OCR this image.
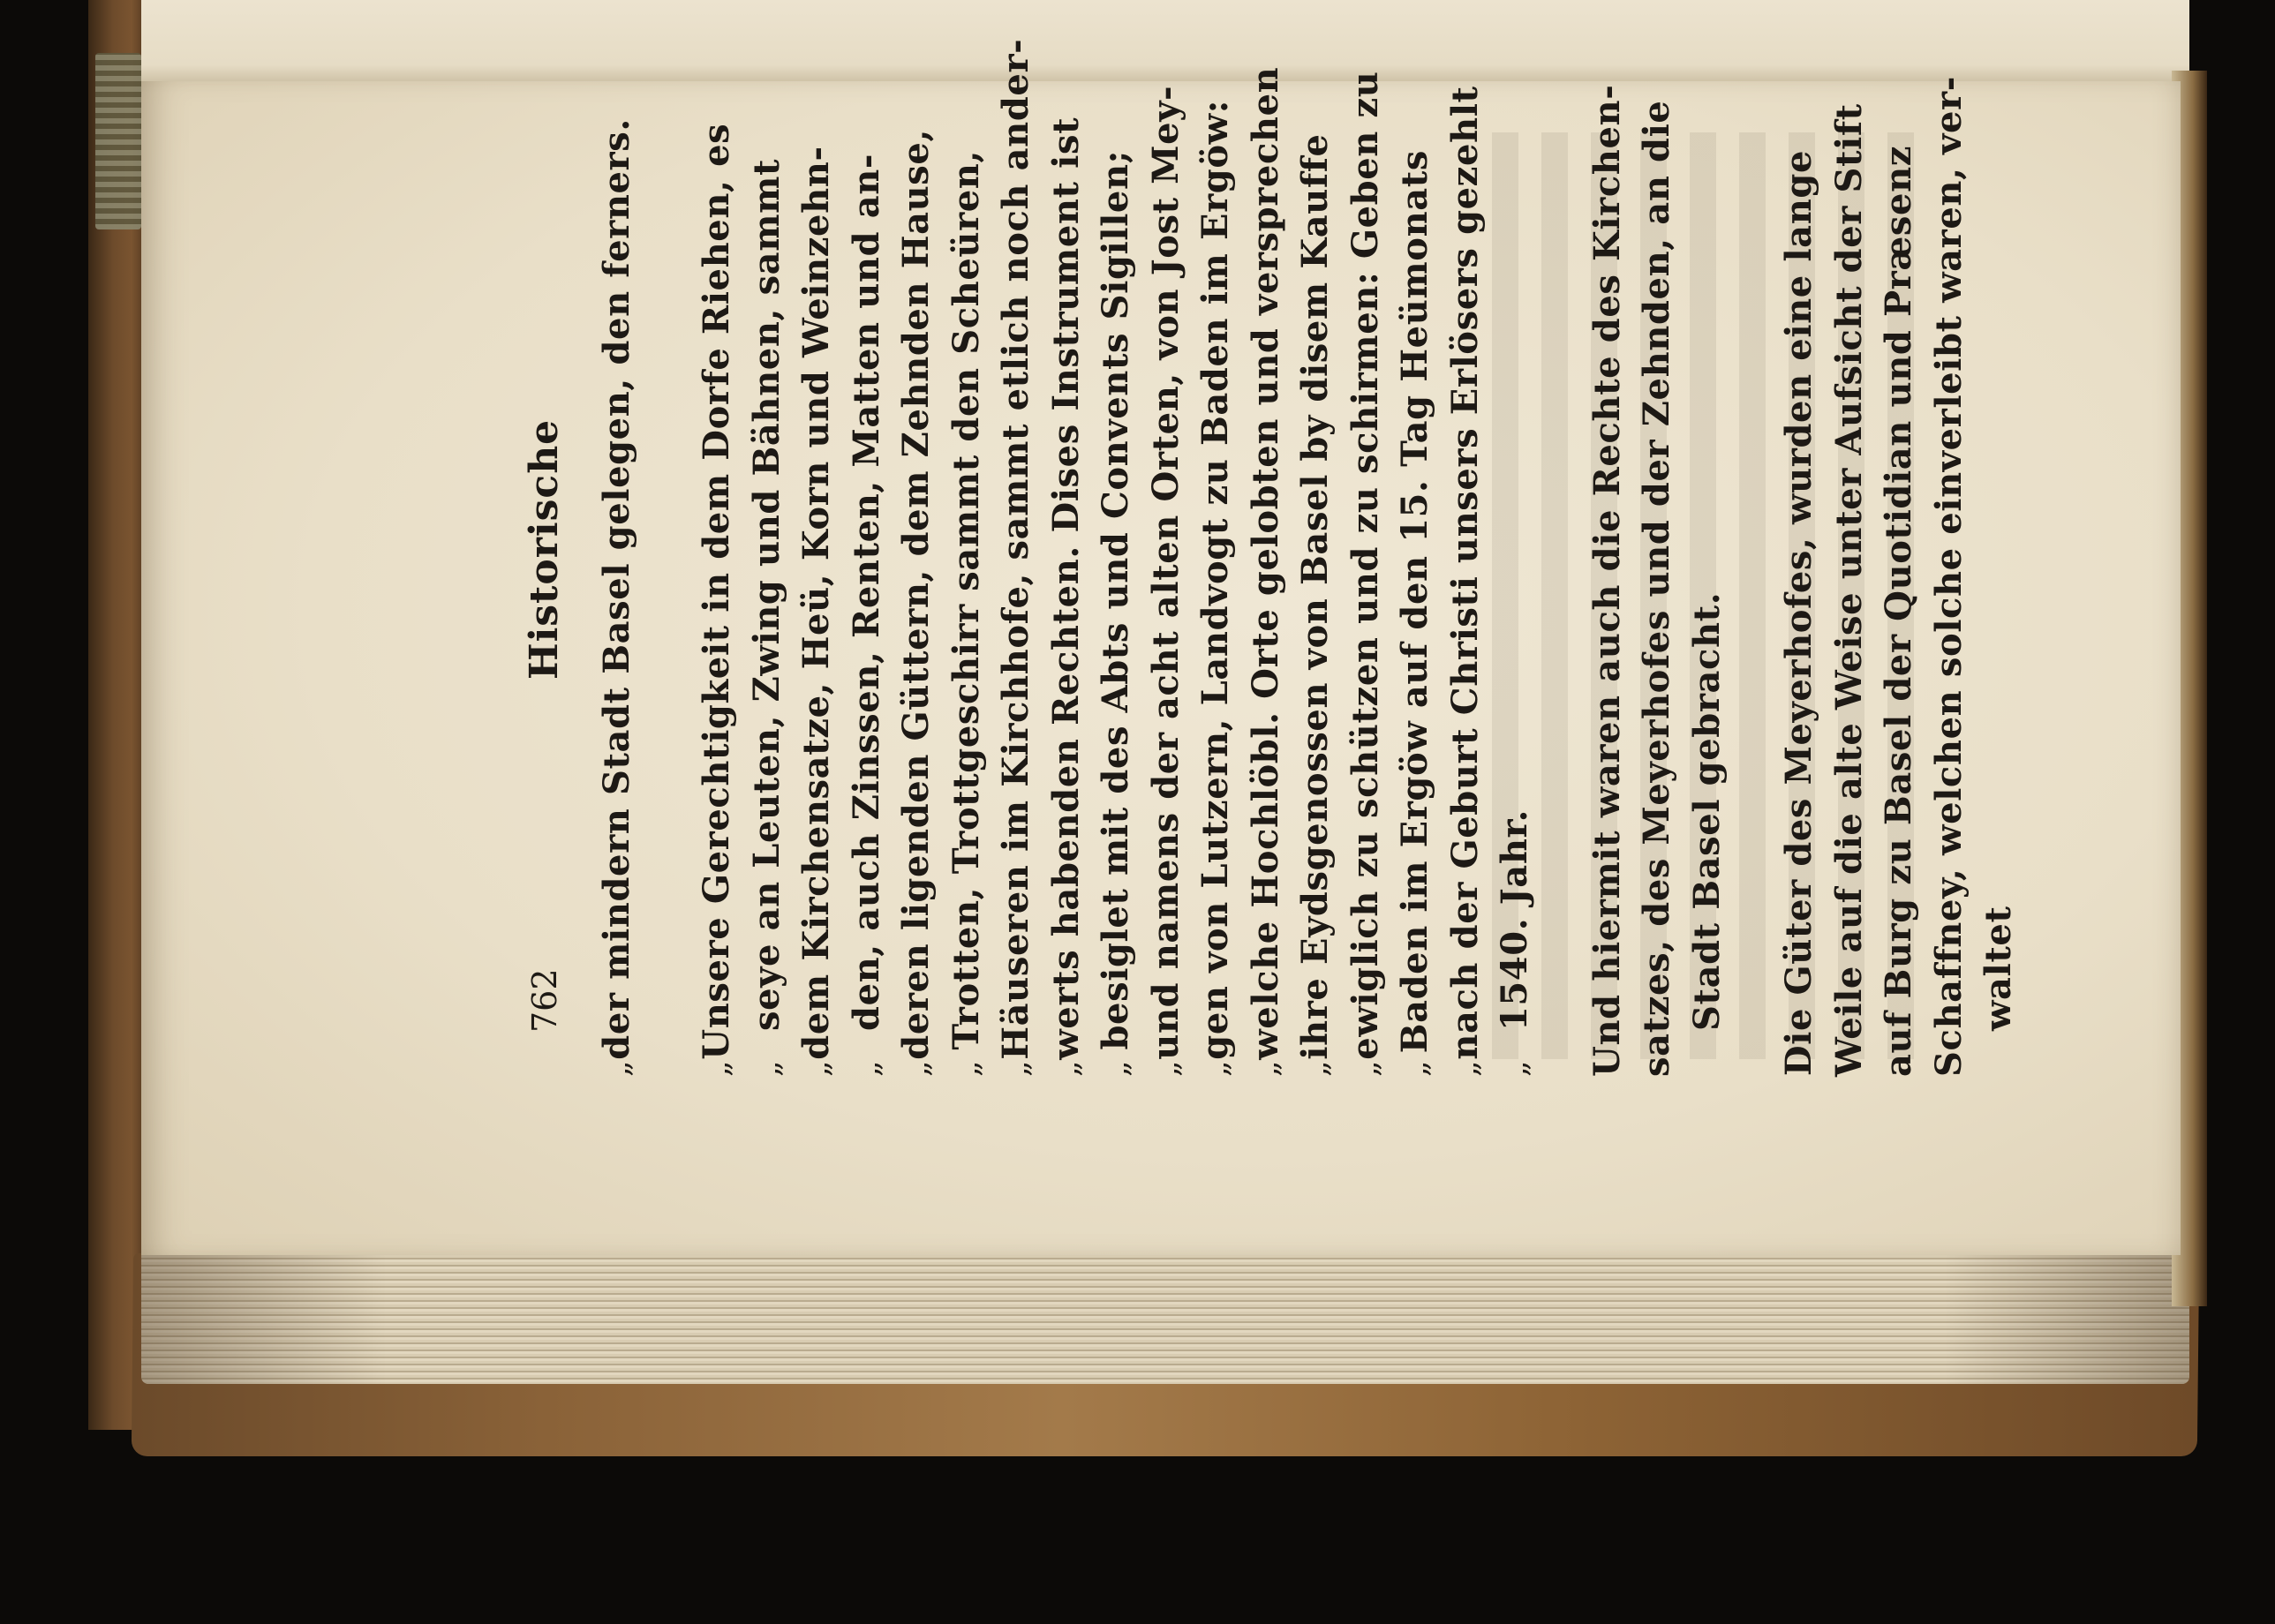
762
Historische
„
der mindern Stadt Basel gelegen, den ferners.
„
Unsere Gerechtigkeit in dem Dorfe Riehen, es
„
seye an Leuten, Zwing und Bähnen, sammt
„
dem Kirchensatze, Heü, Korn und Weinzehn-
„
den, auch Zinssen, Renten, Matten und an-
„
deren ligenden Güttern, dem Zehnden Hause,
„
Trotten, Trottgeschirr sammt den Scheüren,
„
Häuseren im Kirchhofe, sammt etlich noch ander-
„
werts habenden Rechten. Dises Instrument ist
„
besiglet mit des Abts und Convents Sigillen;
„
und namens der acht alten Orten, von Jost Mey-
„
gen von Lutzern, Landvogt zu Baden im Ergöw:
„
welche Hochlöbl. Orte gelobten und versprechen
„
ihre Eydsgenossen von Basel by disem Kauffe
„
ewiglich zu schützen und zu schirmen: Geben zu
„
Baden im Ergöw auf den 15. Tag Heümonats
„
nach der Geburt Christi unsers Erlösers gezehlt
„
1540. Jahr. Und hiermit waren auch die Rechte des Kirchen- satzes, des Meyerhofes und der Zehnden, an die Stadt Basel gebracht. Die Güter des Meyerhofes, wurden eine lange Weile auf die alte Weise unter Aufsicht der Stift auf Burg zu Basel der Quotidian und Præsenz Schaffney, welchen solche einverleibt waren, ver- waltet
